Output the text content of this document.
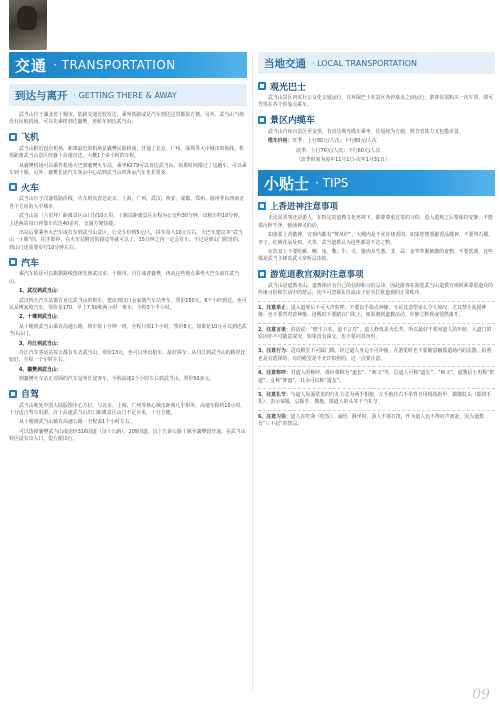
交通 · TRANSPORTATION
到达与离开 · GETTING THERE & AWAY

武当山位于湖北省十堰市，陆路交通比较发达，乘坐铁路或是汽车到达这里都很方便。另外，武当山当地没有民航机场，可以先乘机到达襄樊，再转车到达武当山。

飞机

武当山附近没有机场，距离最近的机场是襄樊民航机场，开通了北京、广州、深圳等大中城市的航线。机场距离武当山景区经襄十高速直达，大概1个多小时的车程。

从襄樊机场可以乘作机场大巴到襄樊火车站，乘坐K279可以直达武当山。如果时间错过了这趟车，可以乘车到十堰，另外，襄樊长途汽车客运中心站到武当山的客运汽车也非常多。

火车

武当山位于汉渝铁路沿线，火车班次直达北京、上海、广州、武汉、西安、成都、郑州、福州等东西南北各个方向的大中城市。

武当山站（六里坪）距离景区山门仅10公里，十堰站距离景区车程为公交约30分钟，出租车约10分钟。上述两站每日停靠车次达40多对，交通方便快捷。

出站后要乘坐大巴车或打车到武当山景区，公交车价格5元/人，拼车每人10元左右。大巴车建议等“武当山一十堰”的，招手即停，在火车站附近的路边等就可以了，15分钟之内一定会有车。不过是到山门附近的，到山门还需要步行10分钟左右。

汽车

乘汽车的话可以根据路线选择先到武汉市、十堰市、丹江或者襄樊，再从这些地点乘坐大巴车前往武当山。

1、武汉到武当山：

武汉四大汽车站都有直达武当山的班车，建议到汉口金家墩汽车站坐车，票价150元，6个小时到达。也可以从傅家坡汽车，票价是170，早上7:50和两小时一班车，全程5个半小时。

2、十堰到武当山：

从十堰到武当山乘有高速公路，班车每十分钟一班，全程只需1个小时，票价8元，如果花10元可以到达武当山山门。

3、丹江到武当山：

丹江汽车客运站每天都有车去武当山，票价13元，也可以坐出租车，最好拼车；从丹江到武当山的路况比较好，全程一个小时左右。

4、襄樊到武当山：

到襄樊火车站正对面的汽车站坐长途客车，全程高速2个小时左右到武当山，票价50多元。

自驾

武当山地处中国大陆版图中心方位，与北京、上海、广州等核心城市距离几乎相等，高速车程约10小时，十分适合驾车出游。汉十高速武当山出口距离景区山门不足百米，十分方便。

从十堰到武当山镇有高速公路，全程需1个小时左右。

可以选择襄樊武当山或途经316国道（汉十公路）、209国道。汉十告诉公路十堰至襄樊段开通，在武当山特区设有出入口，很方便出行。

当地交通 · LOCAL TRANSPORTATION
观光巴士

武当山景区内实行公交化交通运行，有环保巴士在景区各停靠点之间运行，游客仅需购买一次车票，即可凭票在各个停靠点乘车。

景区内缆车

武当山自琼台景区至金顶，有直达观光缆车乘坐，往返较为方便，既节省体力又包揽美景。

缆车价格：旺季：上行90元/人次；下行80元/人次

淡季：上行70元/人次；下行60元/人次

（淡季时间为每年11月1日-次年1月31日）

小贴士 · TIPS
上香进神注意事项

无论是香客还是游人，在特定的道教文化环境下，都要尊重这里的习俗，进入道观之后要保持安静，不能说污秽不净、亵渎神灵的话。

如果要上香敬神，宜观内都有“焚帛炉”，大殿内是不允许烧香的。如果您想要献香品敬神，不要带石榴、李子、红桃花朵及鸡、犬等，武当道教认为这些都是不洁之物。

在饮食上不要吃雁、鳗、龟、鳖、牛、犬、猪肉及生葱、韭、蒜、姜等荤腥刺激的食物，不要饮酒，这些都是武当主禅真武大帝所忌讳的。

游览道教宫观时注意事项

武当山是道教名山，道教相应有自己的信仰和习俗忌讳，因此游客在游览武当山道教宫观时须尊重道众的传统习俗和生活中的禁忌，切不可忽视礼仪或由于好奇打扰道观的正常秩序。

1、注意举止：进入道观后不可大声喧哗，不要以手指点神像，无论其造型多么令人惊叹，尤其禁止乱摸神像；也不要背对着神像；进殿时不要踏在门坎上，如果遇到道教活动，应静立默观或悄然离开。

2、注意言谈：俗话说：“僧不言名，道不言寿”，道人修炼是为长寿，所以最好不要问道人的年龄，入道门的原因亦不可随意深究，如果没有深交，也不要问其身世。

3、注意行为：进出殿堂不可踩门槛，经过道人身边不可冲撞，在游览时也不要随意触摸道场内的法器。拍照也是有选择的，有的殿堂是不允许拍照的，这一点要注意。

4、注意称呼：对道人的称呼，都应尊称为“道长”、“师父”等，总道人可称“道长”、“师父”，道教信士男称“乾道”，女称“坤道”，其余可以称“道友”。

5、注意礼节：与道人见面常见的行礼方式为两手相抱，左手抱住右手拳背且用拇指指甲，微微低头（即拱手礼），表示恭敬，忌握手、拥抱、摸道人的头等不当礼节。

6、注意习俗：道人在吃斋（吃饭）、诵经、静坐时，游人不要打扰，作为道人也不得应声而起，因为道教有“三不起”的禁忌。

09
